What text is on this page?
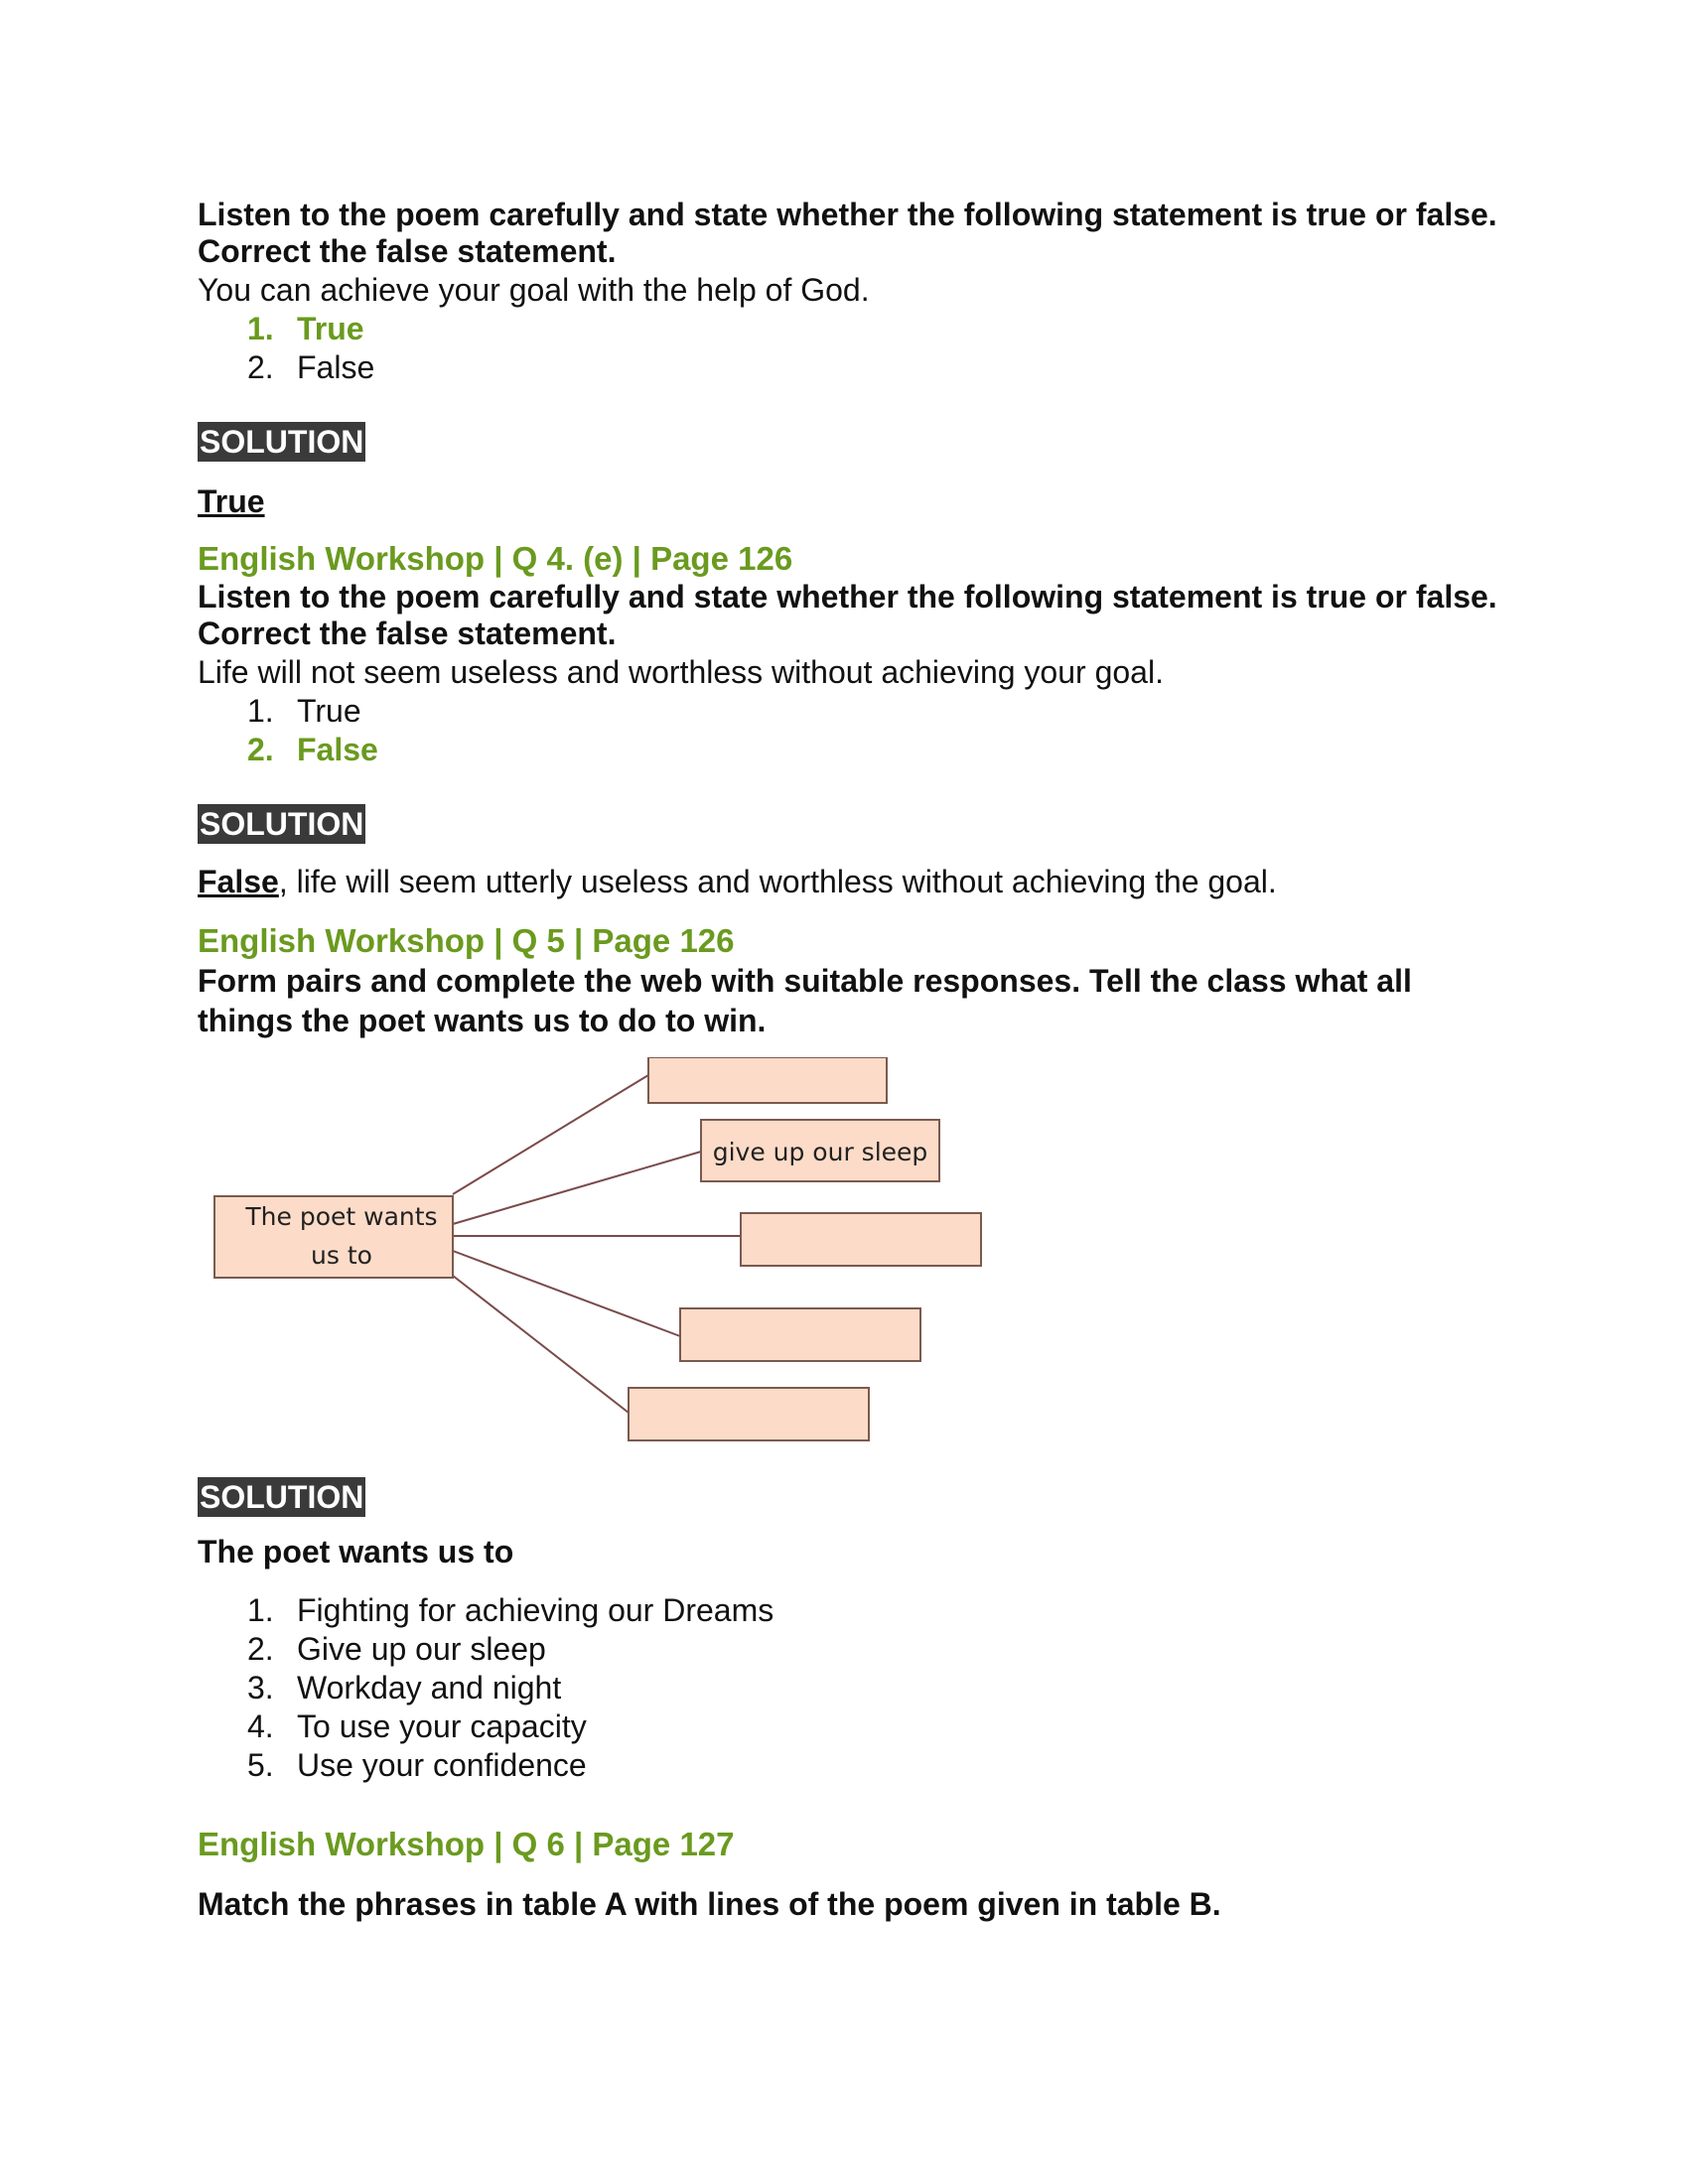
Listen to the poem carefully and state whether the following statement is true or false. Correct the false statement.

You can achieve your goal with the help of God.

1. True
2. False
SOLUTION

True

English Workshop | Q 4. (e) | Page 126

Listen to the poem carefully and state whether the following statement is true or false. Correct the false statement.

Life will not seem useless and worthless without achieving your goal.

1. True
2. False
SOLUTION

False, life will seem utterly useless and worthless without achieving the goal.

English Workshop | Q 5 | Page 126

Form pairs and complete the web with suitable responses. Tell the class what all things the poet wants us to do to win.

The poet wants
us to
give up our sleep
SOLUTION

The poet wants us to

1. Fighting for achieving our Dreams
2. Give up our sleep
3. Workday and night
4. To use your capacity
5. Use your confidence

English Workshop | Q 6 | Page 127

Match the phrases in table A with lines of the poem given in table B.
